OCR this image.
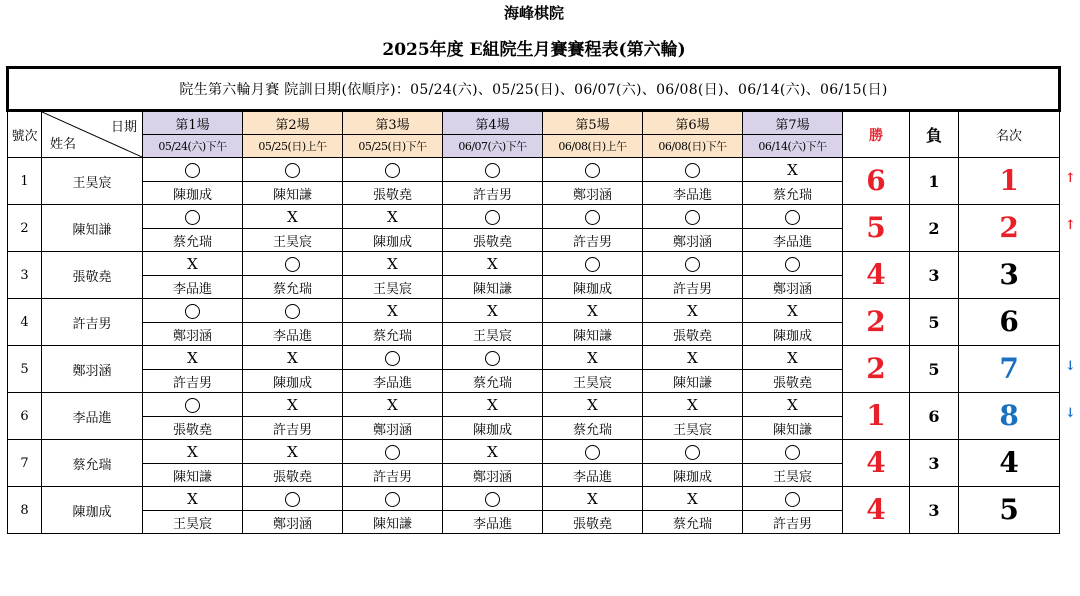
海峰棋院
2025年度 E組院生月賽賽程表(第六輪)
院生第六輪月賽 院訓日期(依順序)：05/24(六)、05/25(日)、06/07(六)、06/08(日)、06/14(六)、06/15(日)											
號次	日期
姓名	第1場	第2場	第3場	第4場	第5場	第6場	第7場	勝	負	名次
		05/24(六)下午	05/25(日)上午	05/25(日)下午	06/07(六)下午	06/08(日)上午	06/08(日)下午	06/14(六)下午			
1	王昊宸							X	6	1	1
		陳珈成	陳知謙	張敬堯	許吉男	鄭羽涵	李品進	蔡允瑞			
2	陳知謙		X	X					5	2	2
		蔡允瑞	王昊宸	陳珈成	張敬堯	許吉男	鄭羽涵	李品進			
3	張敬堯	X		X	X				4	3	3
		李品進	蔡允瑞	王昊宸	陳知謙	陳珈成	許吉男	鄭羽涵			
4	許吉男			X	X	X	X	X	2	5	6
		鄭羽涵	李品進	蔡允瑞	王昊宸	陳知謙	張敬堯	陳珈成			
5	鄭羽涵	X	X			X	X	X	2	5	7
		許吉男	陳珈成	李品進	蔡允瑞	王昊宸	陳知謙	張敬堯			
6	李品進		X	X	X	X	X	X	1	6	8
		張敬堯	許吉男	鄭羽涵	陳珈成	蔡允瑞	王昊宸	陳知謙			
7	蔡允瑞	X	X		X				4	3	4
		陳知謙	張敬堯	許吉男	鄭羽涵	李品進	陳珈成	王昊宸			
8	陳珈成	X				X	X		4	3	5
		王昊宸	鄭羽涵	陳知謙	李品進	張敬堯	蔡允瑞	許吉男			
↑
↑
↓
↓
